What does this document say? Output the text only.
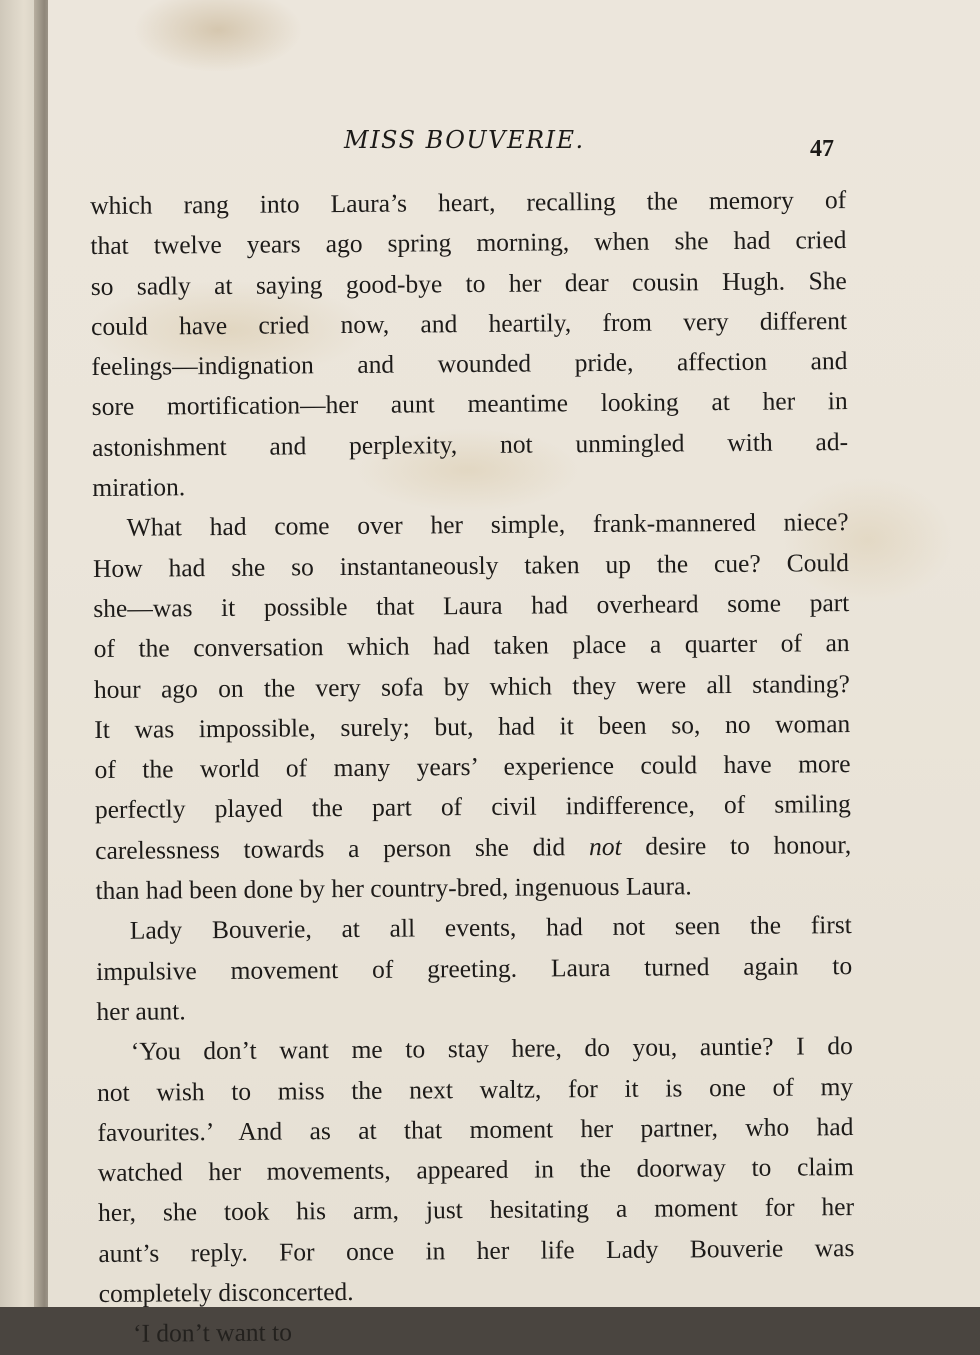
MISS BOUVERIE.	47
which rang into Laura’s heart, recalling the memory of
that twelve years ago spring morning, when she had cried
so sadly at saying good-bye to her dear cousin Hugh. She
could have cried now, and heartily, from very different
feelings—indignation and wounded pride, affection and
sore mortification—her aunt meantime looking at her in
astonishment and perplexity, not unmingled with ad-
miration.
What had come over her simple, frank-mannered niece?
How had she so instantaneously taken up the cue? Could
she—was it possible that Laura had overheard some part
of the conversation which had taken place a quarter of an
hour ago on the very sofa by which they were all standing?
It was impossible, surely; but, had it been so, no woman
of the world of many years’ experience could have more
perfectly played the part of civil indifference, of smiling
carelessness towards a person she did not desire to honour,
than had been done by her country-bred, ingenuous Laura.
Lady Bouverie, at all events, had not seen the first
impulsive movement of greeting. Laura turned again to
her aunt.
‘You don’t want me to stay here, do you, auntie? I do
not wish to miss the next waltz, for it is one of my
favourites.’ And as at that moment her partner, who had
watched her movements, appeared in the doorway to claim
her, she took his arm, just hesitating a moment for her
aunt’s reply. For once in her life Lady Bouverie was
completely disconcerted.
‘I don’t want to
